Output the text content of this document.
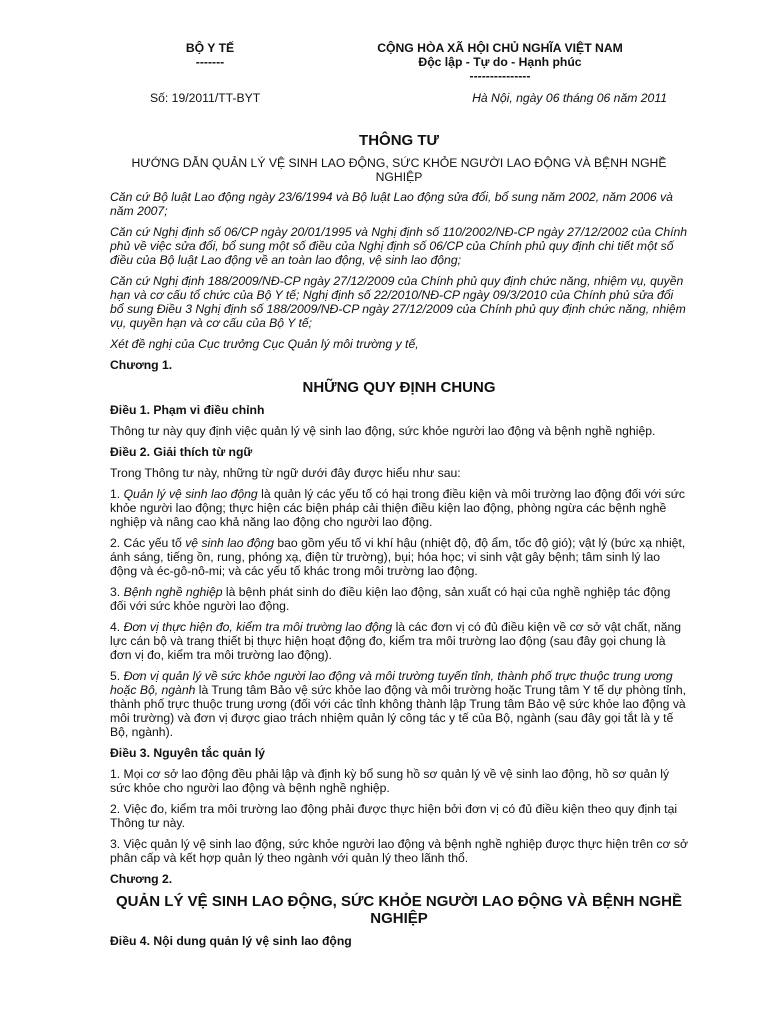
BỘ Y TẾ
-------
CỘNG HÒA XÃ HỘI CHỦ NGHĨA VIỆT NAM
Độc lập - Tự do - Hạnh phúc
---------------
Số: 19/2011/TT-BYT	Hà Nội, ngày 06 tháng 06 năm 2011
THÔNG TƯ
HƯỚNG DẪN QUẢN LÝ VỆ SINH LAO ĐỘNG, SỨC KHỎE NGƯỜI LAO ĐỘNG VÀ BỆNH NGHỀ NGHIỆP

Căn cứ Bộ luật Lao động ngày 23/6/1994 và Bộ luật Lao động sửa đổi, bổ sung năm 2002, năm 2006 và năm 2007;

Căn cứ Nghị định số 06/CP ngày 20/01/1995 và Nghị định số 110/2002/NĐ-CP ngày 27/12/2002 của Chính phủ về việc sửa đổi, bổ sung một số điều của Nghị định số 06/CP của Chính phủ quy định chi tiết một số điều của Bộ luật Lao động về an toàn lao động, vệ sinh lao động;

Căn cứ Nghị định 188/2009/NĐ-CP ngày 27/12/2009 của Chính phủ quy định chức năng, nhiệm vụ, quyền hạn và cơ cấu tổ chức của Bộ Y tế; Nghị định số 22/2010/NĐ-CP ngày 09/3/2010 của Chính phủ sửa đổi bổ sung Điều 3 Nghị định số 188/2009/NĐ-CP ngày 27/12/2009 của Chính phủ quy định chức năng, nhiệm vụ, quyền hạn và cơ cấu của Bộ Y tế;

Xét đề nghị của Cục trưởng Cục Quản lý môi trường y tế,

Chương 1.
NHỮNG QUY ĐỊNH CHUNG
Điều 1. Phạm vi điều chỉnh

Thông tư này quy định việc quản lý vệ sinh lao động, sức khỏe người lao động và bệnh nghề nghiệp.

Điều 2. Giải thích từ ngữ

Trong Thông tư này, những từ ngữ dưới đây được hiểu như sau:

1. Quản lý vệ sinh lao động là quản lý các yếu tố có hại trong điều kiện và môi trường lao động đối với sức khỏe người lao động; thực hiện các biện pháp cải thiện điều kiện lao động, phòng ngừa các bệnh nghề nghiệp và nâng cao khả năng lao động cho người lao động.

2. Các yếu tố vệ sinh lao động bao gồm yếu tố vi khí hậu (nhiệt độ, độ ẩm, tốc độ gió); vật lý (bức xạ nhiệt, ánh sáng, tiếng ồn, rung, phóng xạ, điện từ trường), bụi; hóa học; vi sinh vật gây bệnh; tâm sinh lý lao động và éc-gô-nô-mi; và các yếu tố khác trong môi trường lao động.

3. Bệnh nghề nghiệp là bệnh phát sinh do điều kiện lao động, sản xuất có hại của nghề nghiệp tác động đối với sức khỏe người lao động.

4. Đơn vị thực hiện đo, kiểm tra môi trường lao động là các đơn vị có đủ điều kiện về cơ sở vật chất, năng lực cán bộ và trang thiết bị thực hiện hoạt động đo, kiểm tra môi trường lao động (sau đây gọi chung là đơn vị đo, kiểm tra môi trường lao động).

5. Đơn vị quản lý về sức khỏe người lao động và môi trường tuyến tỉnh, thành phố trực thuộc trung ương hoặc Bộ, ngành là Trung tâm Bảo vệ sức khỏe lao động và môi trường hoặc Trung tâm Y tế dự phòng tỉnh, thành phố trực thuộc trung ương (đối với các tỉnh không thành lập Trung tâm Bảo vệ sức khỏe lao động và môi trường) và đơn vị được giao trách nhiệm quản lý công tác y tế của Bộ, ngành (sau đây gọi tắt là y tế Bộ, ngành).

Điều 3. Nguyên tắc quản lý

1. Mọi cơ sở lao động đều phải lập và định kỳ bổ sung hồ sơ quản lý về vệ sinh lao động, hồ sơ quản lý sức khỏe cho người lao động và bệnh nghề nghiệp.

2. Việc đo, kiểm tra môi trường lao động phải được thực hiện bởi đơn vị có đủ điều kiện theo quy định tại Thông tư này.

3. Việc quản lý vệ sinh lao động, sức khỏe người lao động và bệnh nghề nghiệp được thực hiện trên cơ sở phân cấp và kết hợp quản lý theo ngành với quản lý theo lãnh thổ.

Chương 2.
QUẢN LÝ VỆ SINH LAO ĐỘNG, SỨC KHỎE NGƯỜI LAO ĐỘNG VÀ BỆNH NGHỀ NGHIỆP
Điều 4. Nội dung quản lý vệ sinh lao động
